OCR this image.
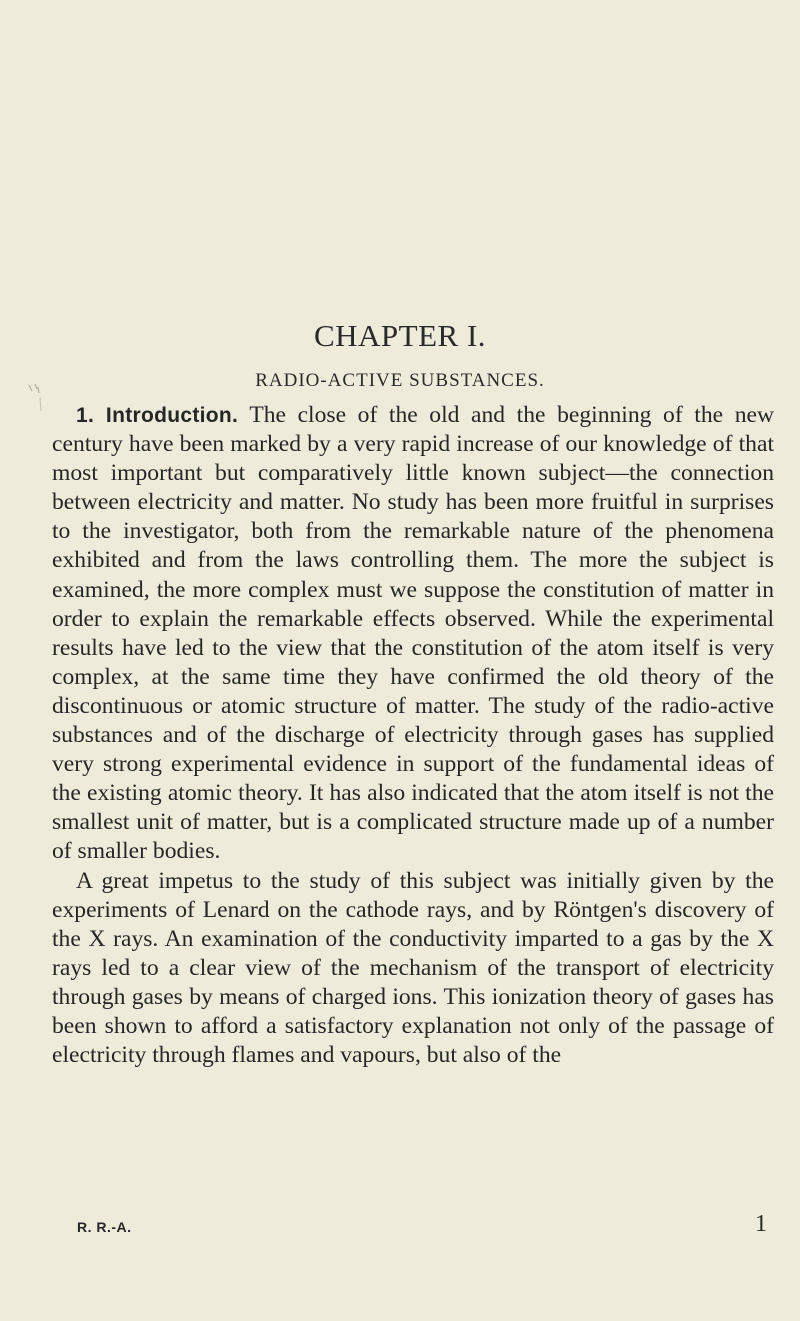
CHAPTER I.
RADIO-ACTIVE SUBSTANCES.

1. Introduction. The close of the old and the beginning of the new century have been marked by a very rapid increase of our knowledge of that most important but comparatively little known subject—the connection between electricity and matter. No study has been more fruitful in surprises to the investigator, both from the remarkable nature of the phenomena exhibited and from the laws controlling them. The more the subject is examined, the more complex must we suppose the constitution of matter in order to explain the remarkable effects observed. While the experimental results have led to the view that the constitution of the atom itself is very complex, at the same time they have confirmed the old theory of the discontinuous or atomic structure of matter. The study of the radio-active substances and of the discharge of electricity through gases has supplied very strong experimental evidence in support of the fundamental ideas of the existing atomic theory. It has also indicated that the atom itself is not the smallest unit of matter, but is a complicated structure made up of a number of smaller bodies.

A great impetus to the study of this subject was initially given by the experiments of Lenard on the cathode rays, and by Röntgen's discovery of the X rays. An examination of the conductivity imparted to a gas by the X rays led to a clear view of the mechanism of the transport of electricity through gases by means of charged ions. This ionization theory of gases has been shown to afford a satisfactory explanation not only of the passage of electricity through flames and vapours, but also of the

R. R.-A.	1
